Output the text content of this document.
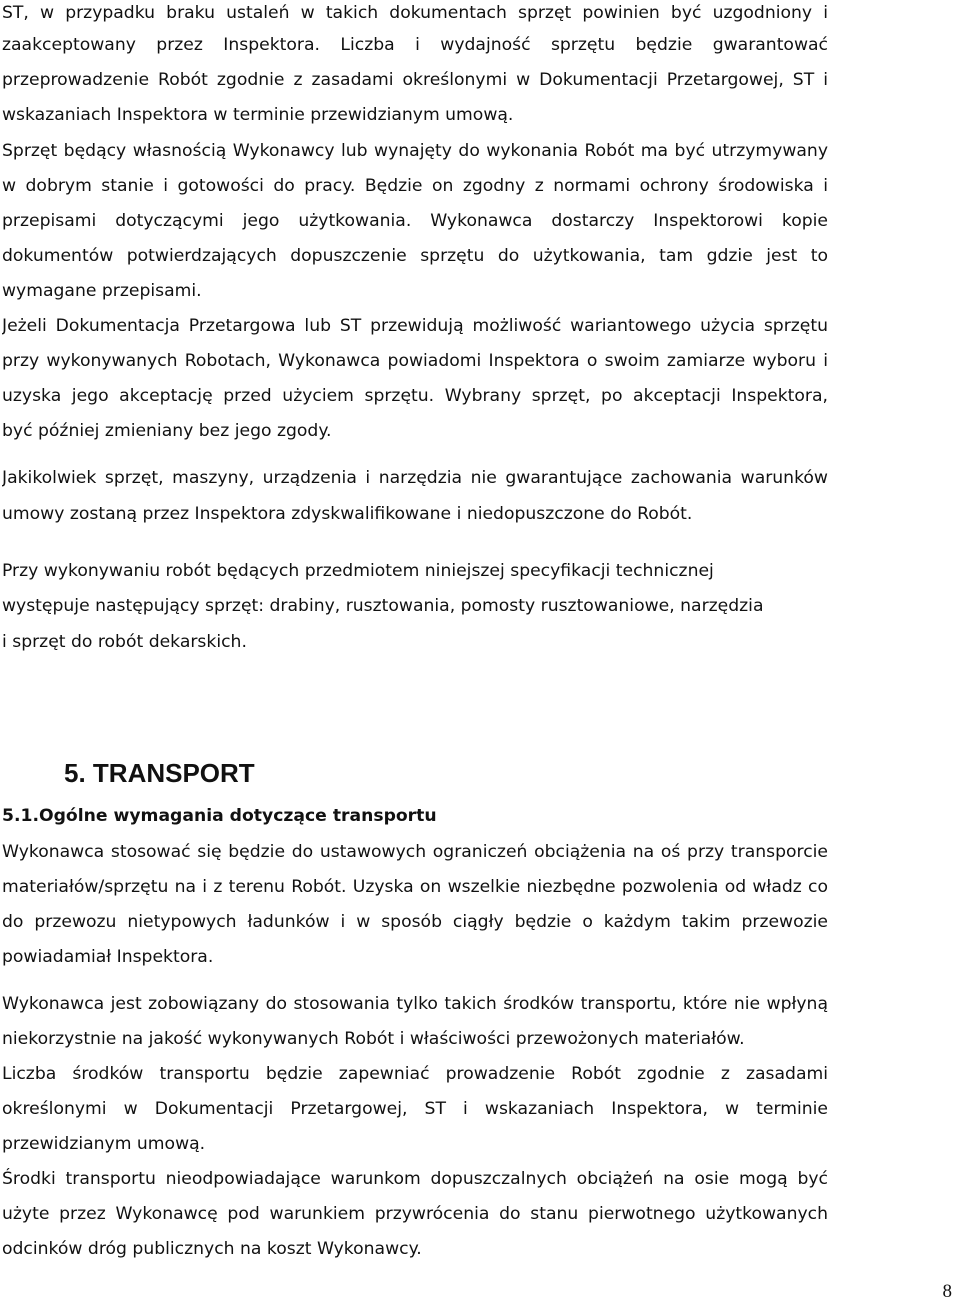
ST, w przypadku braku ustaleń w takich dokumentach sprzęt powinien być uzgodniony i
zaakceptowany przez Inspektora. Liczba i wydajność sprzętu będzie gwarantować
przeprowadzenie Robót zgodnie z zasadami określonymi w Dokumentacji Przetargowej, ST i
wskazaniach Inspektora w terminie przewidzianym umową.
Sprzęt będący własnością Wykonawcy lub wynajęty do wykonania Robót ma być utrzymywany
w dobrym stanie i gotowości do pracy. Będzie on zgodny z normami ochrony środowiska i
przepisami dotyczącymi jego użytkowania. Wykonawca dostarczy Inspektorowi kopie
dokumentów potwierdzających dopuszczenie sprzętu do użytkowania, tam gdzie jest to
wymagane przepisami.
Jeżeli Dokumentacja Przetargowa lub ST przewidują możliwość wariantowego użycia sprzętu
przy wykonywanych Robotach, Wykonawca powiadomi Inspektora o swoim zamiarze wyboru i
uzyska jego akceptację przed użyciem sprzętu. Wybrany sprzęt, po akceptacji Inspektora,
być później zmieniany bez jego zgody.
Jakikolwiek sprzęt, maszyny, urządzenia i narzędzia nie gwarantujące zachowania warunków
umowy zostaną przez Inspektora zdyskwalifikowane i niedopuszczone do Robót.
Przy wykonywaniu robót będących przedmiotem niniejszej specyfikacji technicznej
występuje następujący sprzęt: drabiny, rusztowania, pomosty rusztowaniowe, narzędzia
i sprzęt do robót dekarskich.
5. TRANSPORT
5.1.Ogólne wymagania dotyczące transportu
Wykonawca stosować się będzie do ustawowych ograniczeń obciążenia na oś przy transporcie
materiałów/sprzętu na i z terenu Robót. Uzyska on wszelkie niezbędne pozwolenia od władz co
do przewozu nietypowych ładunków i w sposób ciągły będzie o każdym takim przewozie
powiadamiał Inspektora.
Wykonawca jest zobowiązany do stosowania tylko takich środków transportu, które nie wpłyną
niekorzystnie na jakość wykonywanych Robót i właściwości przewożonych materiałów.
Liczba środków transportu będzie zapewniać prowadzenie Robót zgodnie z zasadami
określonymi w Dokumentacji Przetargowej, ST i wskazaniach Inspektora, w terminie
przewidzianym umową.
Środki transportu nieodpowiadające warunkom dopuszczalnych obciążeń na osie mogą być
użyte przez Wykonawcę pod warunkiem przywrócenia do stanu pierwotnego użytkowanych
odcinków dróg publicznych na koszt Wykonawcy.
8
